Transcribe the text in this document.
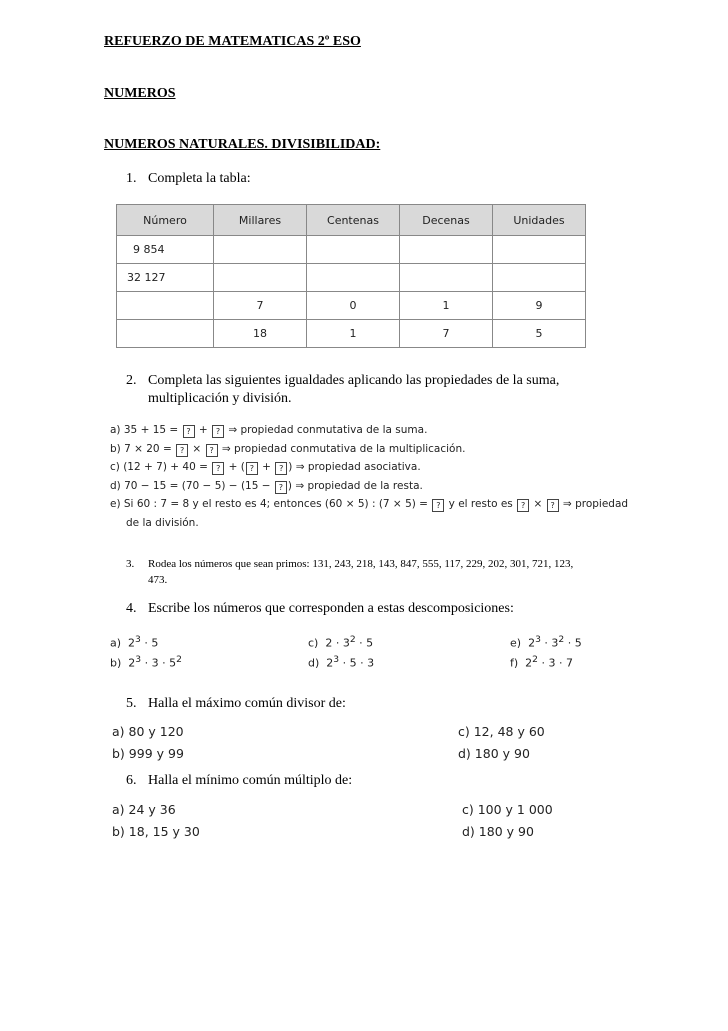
REFUERZO DE MATEMATICAS 2º ESO
NUMEROS
NUMEROS NATURALES. DIVISIBILIDAD:
1. Completa la tabla:
Número	Millares	Centenas	Decenas	Unidades
9 854				
32 127				
	7	0	1	9
	18	1	7	5
2. Completa las siguientes igualdades aplicando las propiedades de la suma,
multiplicación y división.
a) 35 + 15 = ? + ? ⇒ propiedad conmutativa de la suma.
b) 7 × 20 = ? × ? ⇒ propiedad conmutativa de la multiplicación.
c) (12 + 7) + 40 = ? + ( ? + ? ) ⇒ propiedad asociativa.
d) 70 − 15 = (70 − 5) − (15 − ? ) ⇒ propiedad de la resta.
e) Si 60 : 7 = 8 y el resto es 4; entonces (60 × 5) : (7 × 5) = ? y el resto es ? × ? ⇒ propiedad
de la división.
3. Rodea los números que sean primos: 131, 243, 218, 143, 847, 555, 117, 229, 202, 301, 721, 123,
473.
4. Escribe los números que corresponden a estas descomposiciones:
a) $2^3 \cdot 5$
b) $2^3 \cdot 3 \cdot 5^2$
c) $2 \cdot 3^2 \cdot 5$
d) $2^3 \cdot 5 \cdot 3$
e) $2^3 \cdot 3^2 \cdot 5$
f) $2^2 \cdot 3 \cdot 7$
5. Halla el máximo común divisor de:
a) 80 y 120
b) 999 y 99
c) 12, 48 y 60
d) 180 y 90
6. Halla el mínimo común múltiplo de:
a) 24 y 36
b) 18, 15 y 30
c) 100 y 1 000
d) 180 y 90
